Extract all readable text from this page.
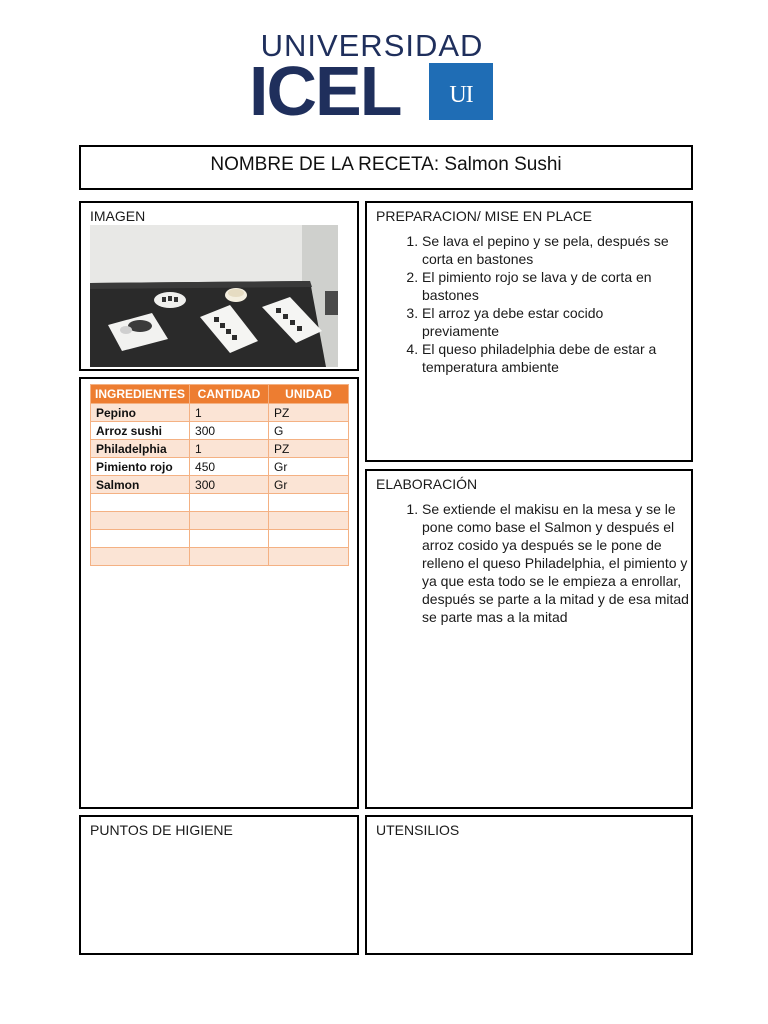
UNIVERSIDAD
ICEL	ui
NOMBRE DE LA RECETA: Salmon Sushi
IMAGEN
INGREDIENTES	CANTIDAD	UNIDAD
Pepino	1	PZ
Arroz sushi	300	G
Philadelphia	1	PZ
Pimiento rojo	450	Gr
Salmon	300	Gr

PREPARACION/ MISE EN PLACE
1. Se lava el pepino y se pela, después se corta en bastones
2. El pimiento rojo se lava y de corta en bastones
3. El arroz ya debe estar cocido previamente
4. El queso philadelphia debe de estar a temperatura ambiente
ELABORACIÓN
1. Se extiende el makisu en la mesa y se le pone como base el Salmon y después el arroz cosido ya después se le pone de relleno el queso Philadelphia, el pimiento y ya que esta todo se le empieza a enrollar, después se parte a la mitad y de esa mitad se parte mas a la mitad
PUNTOS DE HIGIENE	UTENSILIOS
